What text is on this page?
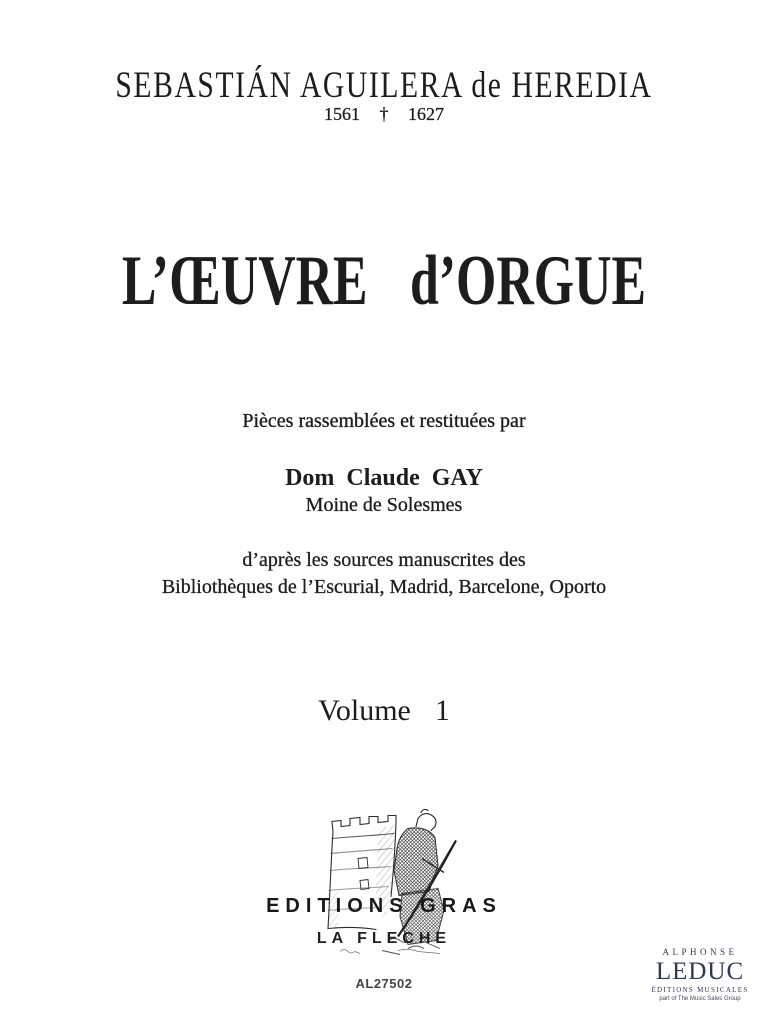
SEBASTIÁN AGUILERA de HEREDIA
1561 † 1627
L’ŒUVRE d’ORGUE
Pièces rassemblées et restituées par
Dom Claude GAY
Moine de Solesmes
d’après les sources manuscrites des
Bibliothèques de l’Escurial, Madrid, Barcelone, Oporto
Volume 1
EDITIONS GRAS
LA FLECHE
AL27502
ALPHONSE
LEDUC
ÉDITIONS MUSICALES
part of The Music Sales Group
